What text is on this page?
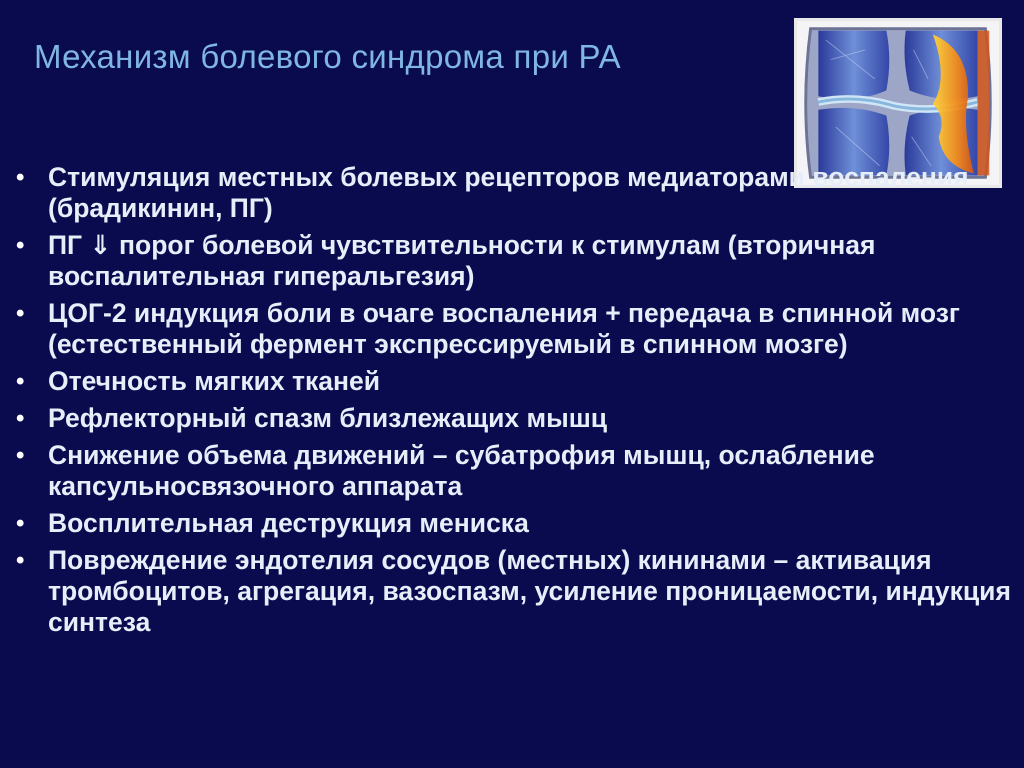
Механизм болевого синдрома при РА
• Стимуляция местных болевых рецепторов медиаторами воспаления (брадикинин, ПГ)
• ПГ ⇓ порог болевой чувствительности к стимулам (вторичная воспалительная гиперальгезия)
• ЦОГ-2 индукция боли в очаге воспаления + передача в спинной мозг (естественный фермент экспрессируемый в спинном мозге)
• Отечность мягких тканей
• Рефлекторный спазм близлежащих мышц
• Снижение объема движений – субатрофия мышц, ослабление капсульносвязочного аппарата
• Восплительная деструкция мениска
• Повреждение эндотелия сосудов (местных) кининами – активация тромбоцитов, агрегация, вазоспазм, усиление проницаемости, индукция синтеза
